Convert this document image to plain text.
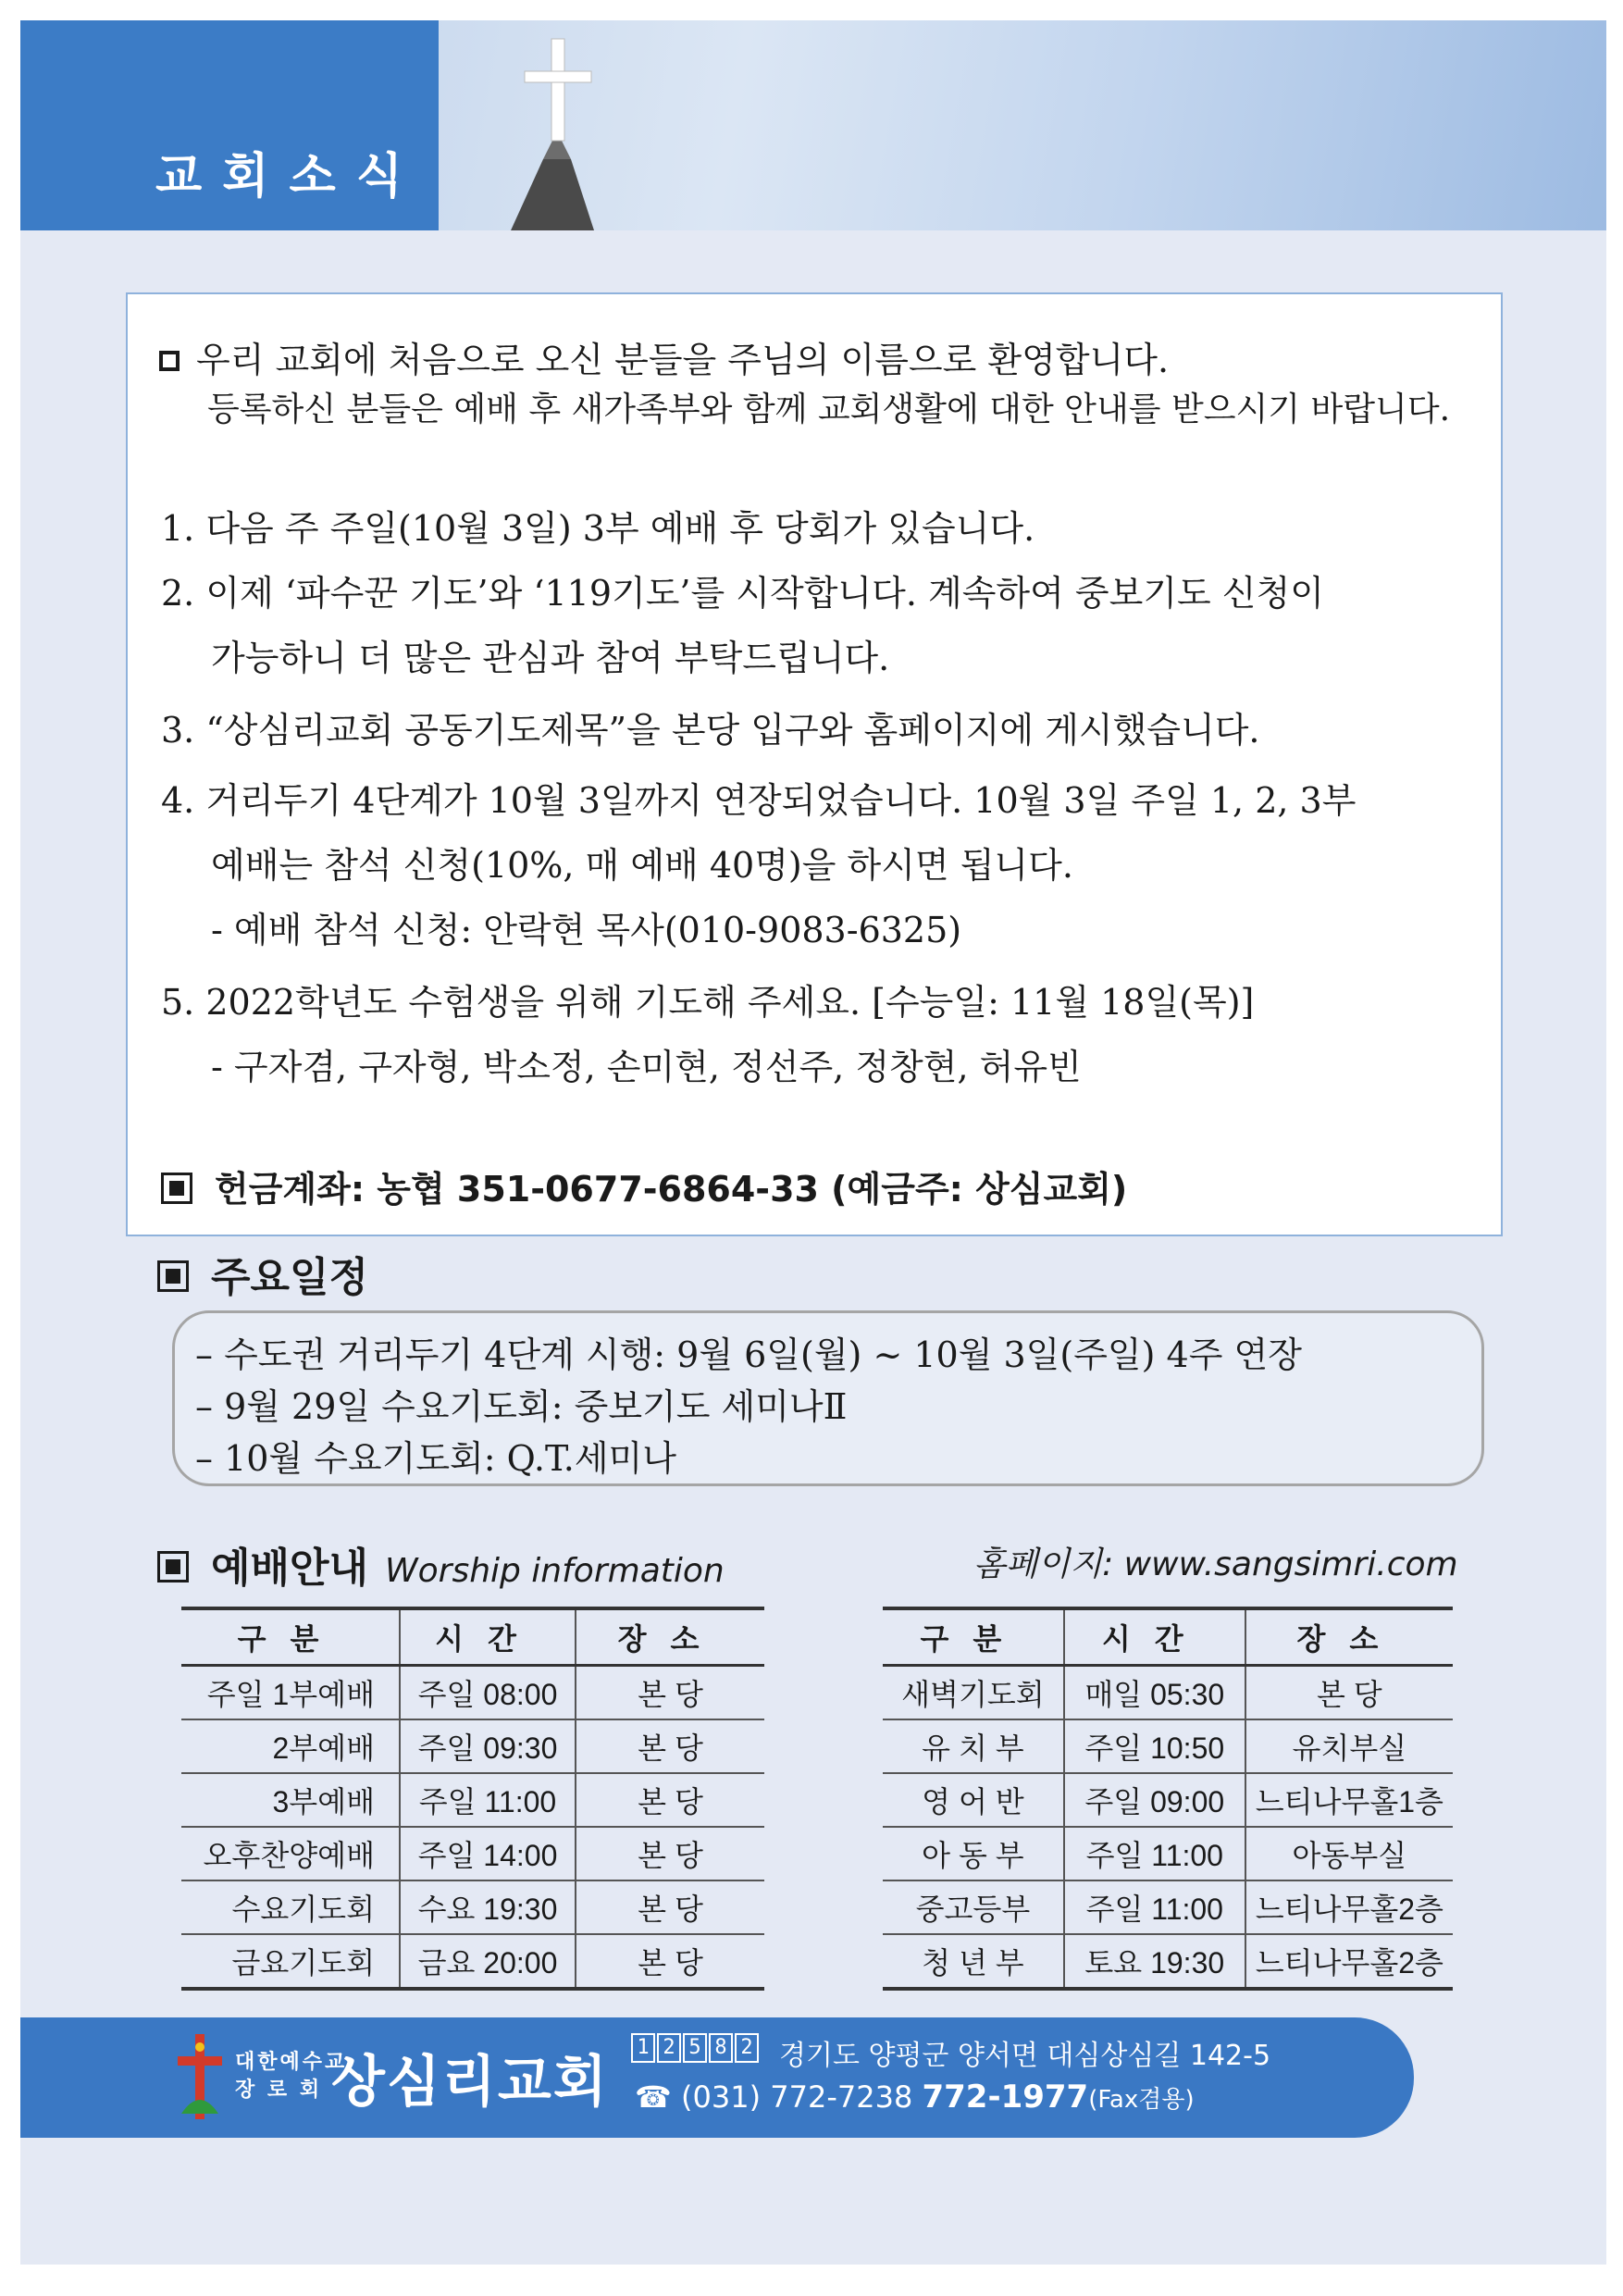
교회소식
우리 교회에 처음으로 오신 분들을 주님의 이름으로 환영합니다.
등록하신 분들은 예배 후 새가족부와 함께 교회생활에 대한 안내를 받으시기 바랍니다.
1. 다음 주 주일(10월 3일) 3부 예배 후 당회가 있습니다.
2. 이제 ‘파수꾼 기도’와 ‘119기도’를 시작합니다. 계속하여 중보기도 신청이
가능하니 더 많은 관심과 참여 부탁드립니다.
3. “상심리교회 공동기도제목”을 본당 입구와 홈페이지에 게시했습니다.
4. 거리두기 4단계가 10월 3일까지 연장되었습니다. 10월 3일 주일 1, 2, 3부
예배는 참석 신청(10%, 매 예배 40명)을 하시면 됩니다.
- 예배 참석 신청: 안락현 목사(010-9083-6325)
5. 2022학년도 수험생을 위해 기도해 주세요. [수능일: 11월 18일(목)]
- 구자겸, 구자형, 박소정, 손미현, 정선주, 정창현, 허유빈
헌금계좌: 농협 351-0677-6864-33 (예금주: 상심교회)
주요일정
– 수도권 거리두기 4단계 시행: 9월 6일(월) ~ 10월 3일(주일) 4주 연장
– 9월 29일 수요기도회: 중보기도 세미나Ⅱ
– 10월 수요기도회: Q.T.세미나
예배안내 Worship information	홈페이지: www.sangsimri.com
구분	시간	장소
주일 1부예배	주일 08:00	본 당
2부예배	주일 09:30	본 당
3부예배	주일 11:00	본 당
오후찬양예배	주일 14:00	본 당
수요기도회	수요 19:30	본 당
금요기도회	금요 20:00	본 당
구분	시간	장소
새벽기도회	매일 05:30	본 당
유 치 부	주일 10:50	유치부실
영 어 반	주일 09:00	느티나무홀1층
아 동 부	주일 11:00	아동부실
중고등부	주일 11:00	느티나무홀2층
청 년 부	토요 19:30	느티나무홀2층
대한예수교
장 로 회 상심리교회
1 2 5 8 2 경기도 양평군 양서면 대심상심길 142-5
☎ (031) 772-7238 772-1977(Fax겸용)
